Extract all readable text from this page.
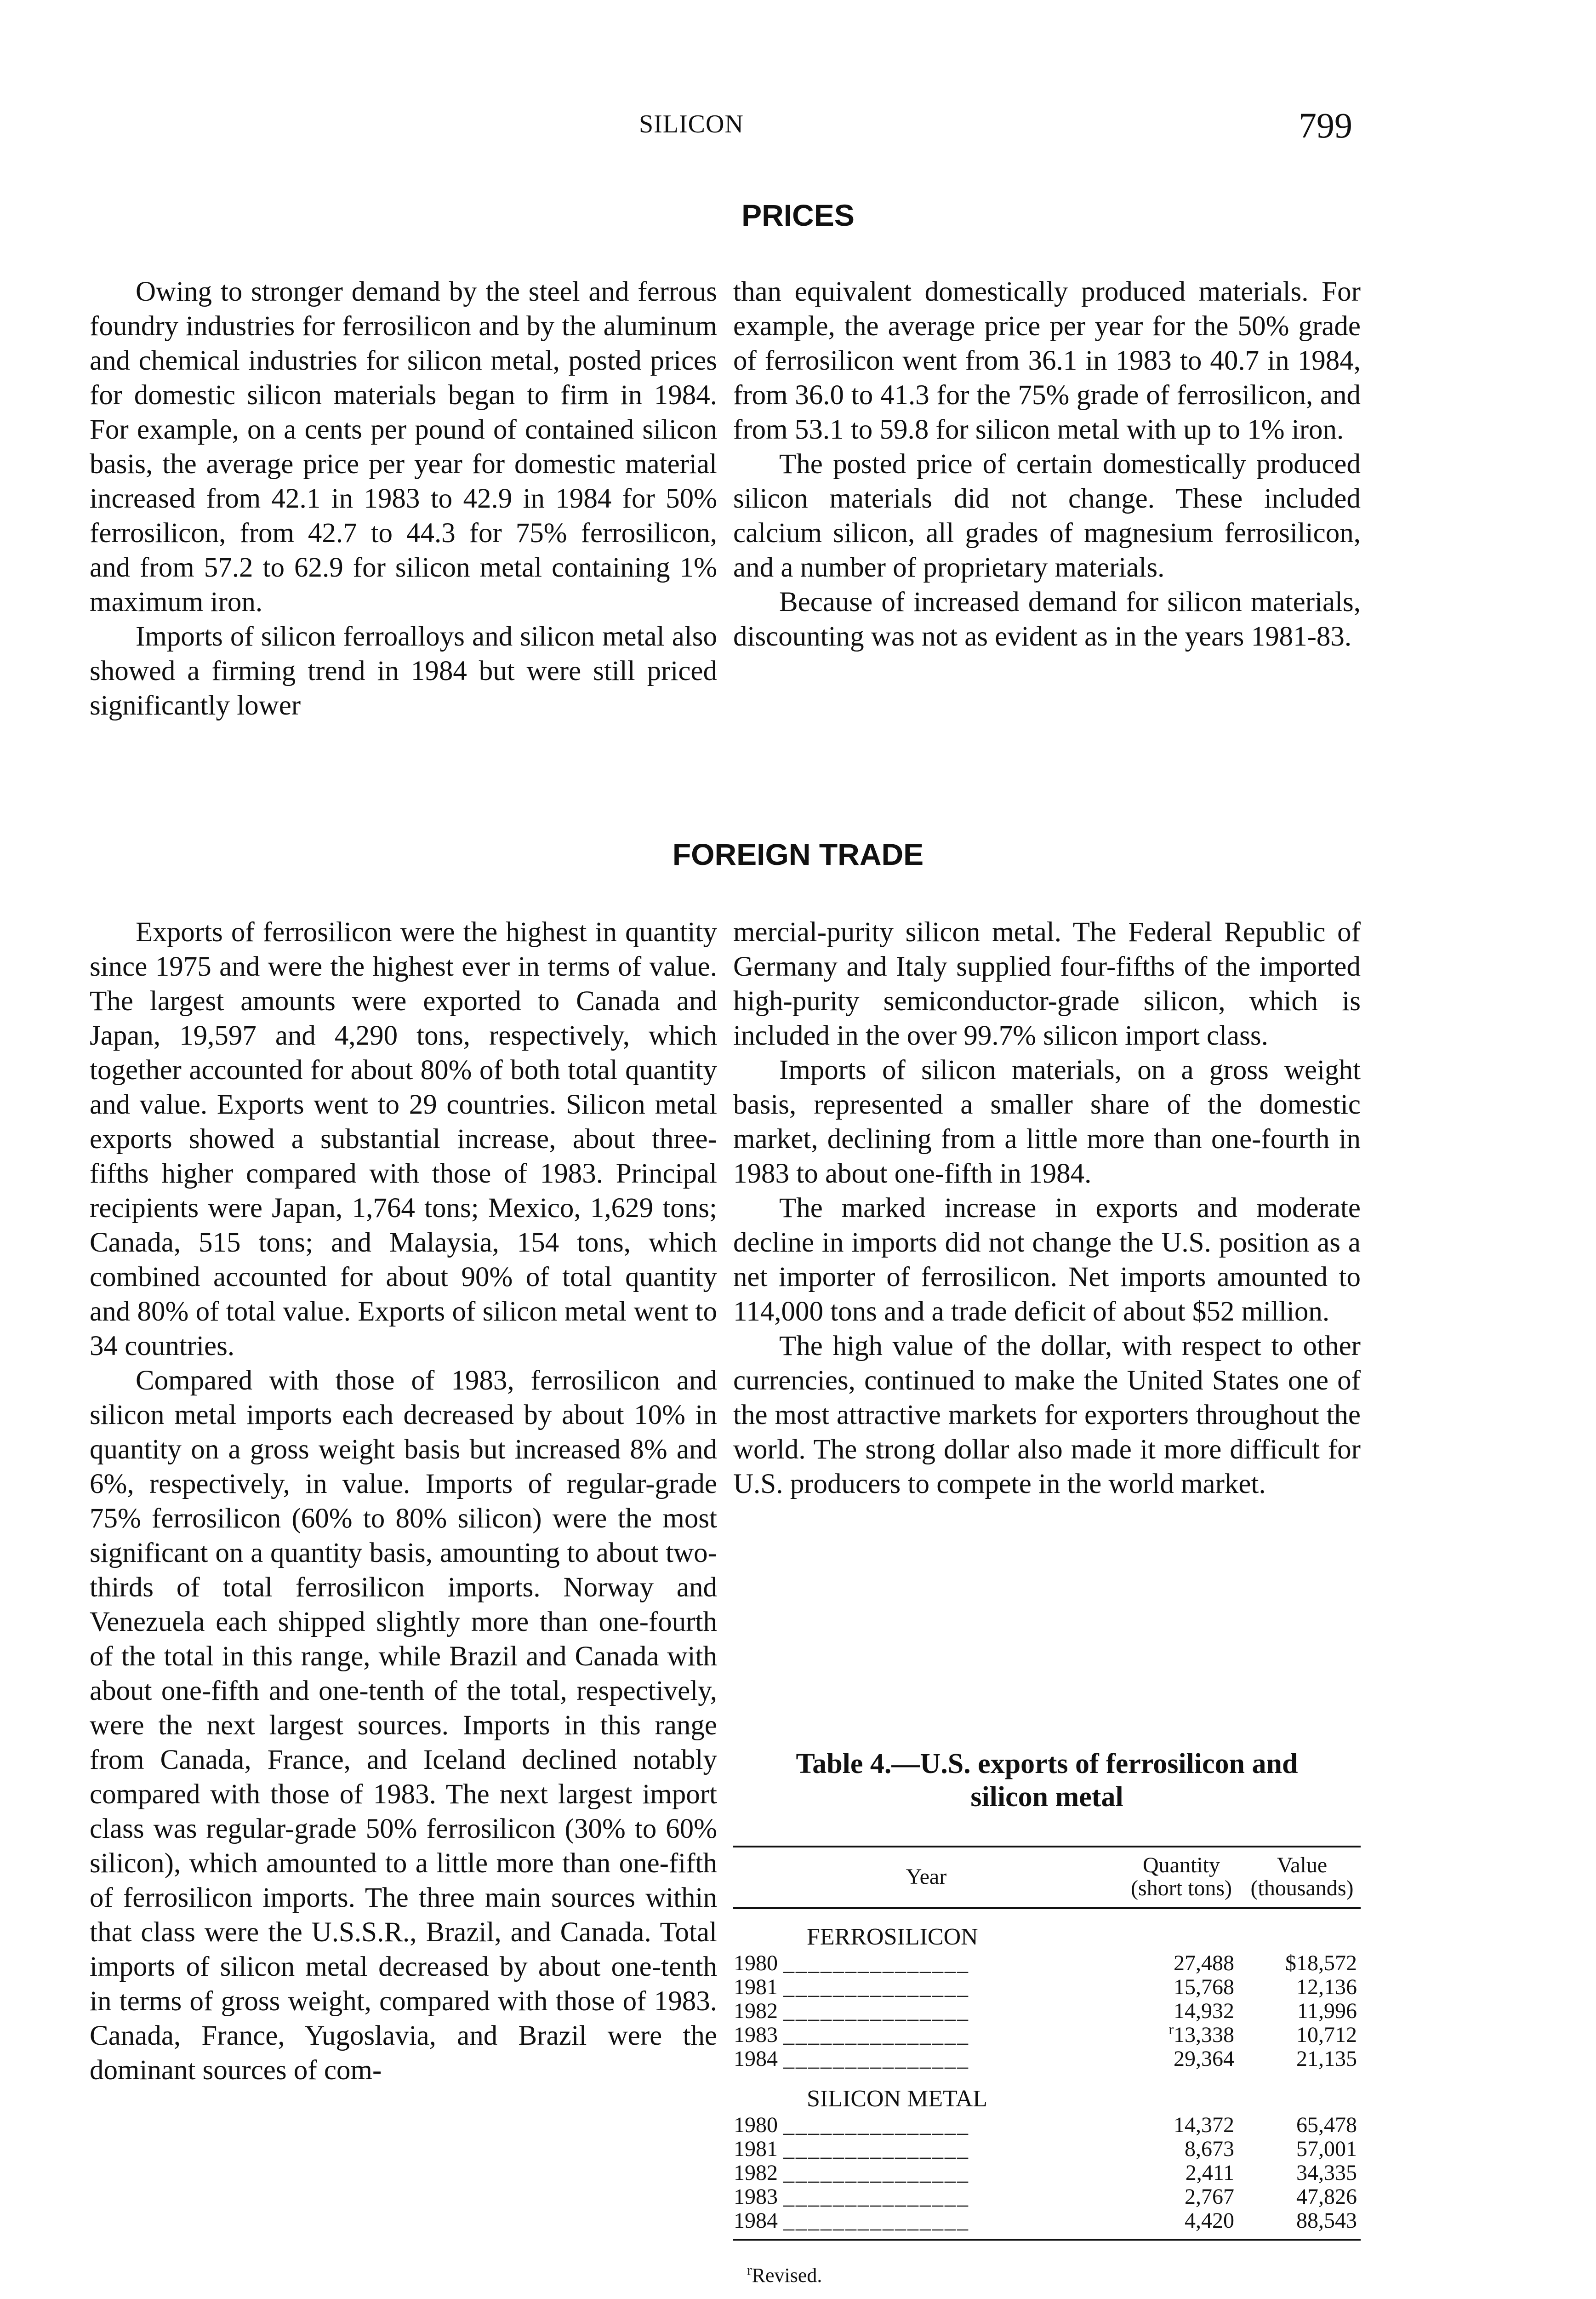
SILICON	799
PRICES

Owing to stronger demand by the steel and ferrous foundry industries for ferrosilicon and by the aluminum and chemical industries for silicon metal, posted prices for domestic silicon materials began to firm in 1984. For example, on a cents per pound of contained silicon basis, the average price per year for domestic material increased from 42.1 in 1983 to 42.9 in 1984 for 50% ferrosilicon, from 42.7 to 44.3 for 75% ferrosilicon, and from 57.2 to 62.9 for silicon metal containing 1% maximum iron.

Imports of silicon ferroalloys and silicon metal also showed a firming trend in 1984 but were still priced significantly lower

than equivalent domestically produced materials. For example, the average price per year for the 50% grade of ferrosilicon went from 36.1 in 1983 to 40.7 in 1984, from 36.0 to 41.3 for the 75% grade of ferrosilicon, and from 53.1 to 59.8 for silicon metal with up to 1% iron.

The posted price of certain domestically produced silicon materials did not change. These included calcium silicon, all grades of magnesium ferrosilicon, and a number of proprietary materials.

Because of increased demand for silicon materials, discounting was not as evident as in the years 1981-83.

FOREIGN TRADE

Exports of ferrosilicon were the highest in quantity since 1975 and were the highest ever in terms of value. The largest amounts were exported to Canada and Japan, 19,597 and 4,290 tons, respectively, which together accounted for about 80% of both total quantity and value. Exports went to 29 countries. Silicon metal exports showed a substantial increase, about three-fifths higher compared with those of 1983. Principal recipients were Japan, 1,764 tons; Mexico, 1,629 tons; Canada, 515 tons; and Malaysia, 154 tons, which combined accounted for about 90% of total quantity and 80% of total value. Exports of silicon metal went to 34 countries.

Compared with those of 1983, ferrosilicon and silicon metal imports each decreased by about 10% in quantity on a gross weight basis but increased 8% and 6%, respectively, in value. Imports of regular-grade 75% ferrosilicon (60% to 80% silicon) were the most significant on a quantity basis, amounting to about two-thirds of total ferrosilicon imports. Norway and Venezuela each shipped slightly more than one-fourth of the total in this range, while Brazil and Canada with about one-fifth and one-tenth of the total, respectively, were the next largest sources. Imports in this range from Canada, France, and Iceland declined notably compared with those of 1983. The next largest import class was regular-grade 50% ferrosilicon (30% to 60% silicon), which amounted to a little more than one-fifth of ferrosilicon imports. The three main sources within that class were the U.S.S.R., Brazil, and Canada. Total imports of silicon metal decreased by about one-tenth in terms of gross weight, compared with those of 1983. Canada, France, Yugoslavia, and Brazil were the dominant sources of com-

mercial-purity silicon metal. The Federal Republic of Germany and Italy supplied four-fifths of the imported high-purity semiconductor-grade silicon, which is included in the over 99.7% silicon import class.

Imports of silicon materials, on a gross weight basis, represented a smaller share of the domestic market, declining from a little more than one-fourth in 1983 to about one-fifth in 1984.

The marked increase in exports and moderate decline in imports did not change the U.S. position as a net importer of ferrosilicon. Net imports amounted to 114,000 tons and a trade deficit of about $52 million.

The high value of the dollar, with respect to other currencies, continued to make the United States one of the most attractive markets for exporters throughout the world. The strong dollar also made it more difficult for U.S. producers to compete in the world market.

Table 4.—U.S. exports of ferrosilicon and silicon metal
Year	Quantity (short tons)	Value (thousands)
FERROSILICON		
1980 _______________	27,488	$18,572
1981 _______________	15,768	12,136
1982 _______________	14,932	11,996
1983 _______________	$^r$13,338	10,712
1984 _______________	29,364	21,135
SILICON METAL		
1980 _______________	14,372	65,478
1981 _______________	8,673	57,001
1982 _______________	2,411	34,335
1983 _______________	2,767	47,826
1984 _______________	4,420	88,543
$^r$Revised.
